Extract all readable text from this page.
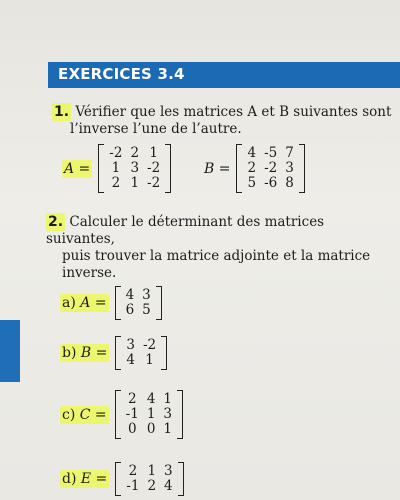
EXERCICES 3.4
1. Vérifier que les matrices A et B suivantes sont
l’inverse l’une de l’autre.
A =
-2	2	1
1	3	-2
2	1	-2
B =
4	-5	7
2	-2	3
5	-6	8
2. Calculer le déterminant des matrices suivantes,
puis trouver la matrice adjointe et la matrice
inverse.
a) A = 4	3
6	5
b) B = 3	-2
4	1
c) C =
2	4	1
-1	1	3
0	0	1
d) E = 2	1	3
-1	2	4
